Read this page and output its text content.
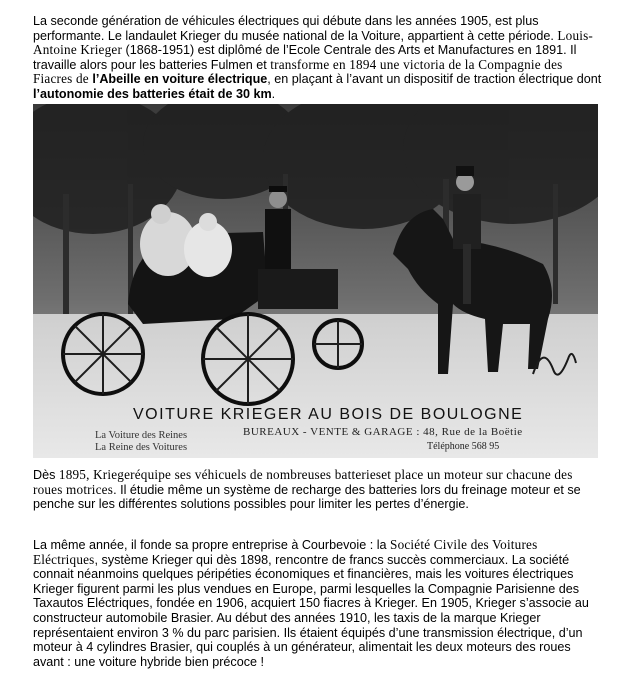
La seconde génération de véhicules électriques qui débute dans les années 1905, est plus performante. Le landaulet Krieger du musée national de la Voiture, appartient à cette période. Louis-Antoine Krieger (1868-1951) est diplômé de l’Ecole Centrale des Arts et Manufactures en 1891. Il travaille alors pour les batteries Fulmen et transforme en 1894 une victoria de la Compagnie des Fiacres de l’Abeille en voiture électrique, en plaçant à l’avant un dispositif de traction électrique dont l’autonomie des batteries était de 30 km.
VOITURE KRIEGER AU BOIS DE BOULOGNE
BUREAUX - VENTE & GARAGE : 48, Rue de la Boëtie
La Voiture des Reines
La Reine des Voitures	Téléphone 568 95
Dès 1895, Kriegeréquipe ses véhicuels de nombreuses batterieset place un moteur sur chacune des roues motrices. Il étudie même un système de recharge des batteries lors du freinage moteur et se penche sur les différentes solutions possibles pour limiter les pertes d’énergie.
La même année, il fonde sa propre entreprise à Courbevoie : la Société Civile des Voitures Eléctriques, système Krieger qui dès 1898, rencontre de francs succès commerciaux. La société connait néanmoins quelques péripéties économiques et financières, mais les voitures électriques Krieger figurent parmi les plus vendues en Europe, parmi lesquelles la Compagnie Parisienne des Taxautos Eléctriques, fondée en 1906, acquiert 150 fiacres à Krieger. En 1905, Krieger s’associe au constructeur automobile Brasier. Au début des années 1910, les taxis de la marque Krieger représentaient environ 3 % du parc parisien. Ils étaient équipés d’une transmission électrique, d’un moteur à 4 cylindres Brasier, qui couplés à un générateur, alimentait les deux moteurs des roues avant : une voiture hybride bien précoce !
